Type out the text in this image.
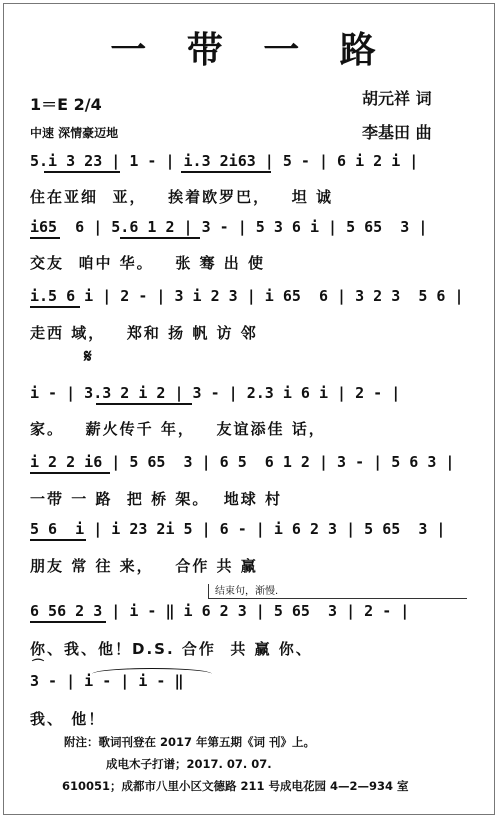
一 带 一 路
1＝E 2/4	胡元祥 词
李基田 曲
中速 深情豪迈地
5.i 3 23 | 1 - | i.3 2i63 | 5 - | 6 i 2 i |
住在亚细  亚，   挨着欧罗巴，   坦 诚
i65  6 | 5.6 1 2 | 3 - | 5 3 6 i | 5 65  3 |
交友  咱中 华。   张 骞 出 使
i.5 6 i | 2 - | 3 i 2 3 | i 65  6 | 3 2 3  5 6 |
走西 域，   郑和 扬 帆 访 邻
𝄋
i - | 3.3 2 i 2 | 3 - | 2.3 i 6 i | 2 - |
家。   薪火传千 年，   友谊添佳 话，
i 2 2 i6 | 5 65  3 | 6 5  6 1 2 | 3 - | 5 6 3 |
一带 一 路  把 桥 架。  地球 村
5 6  i | i 23 2i 5 | 6 - | i 6 2 3 | 5 65  3 |
朋友 常 往 来，   合作 共 赢
结束句，渐慢.
6 56 2 3 | i - ‖ i 6 2 3 | 5 65  3 | 2 - |
你、我、他！D.S. 合作  共 赢 你、
⌒
3 - | i - | i - ‖
我、 他！
附注：歌词刊登在 2017 年第五期《词 刊》上。
成电木子打谱；2017. 07. 07.
610051；成都市八里小区文德路 211 号成电花园 4—2—934 室
